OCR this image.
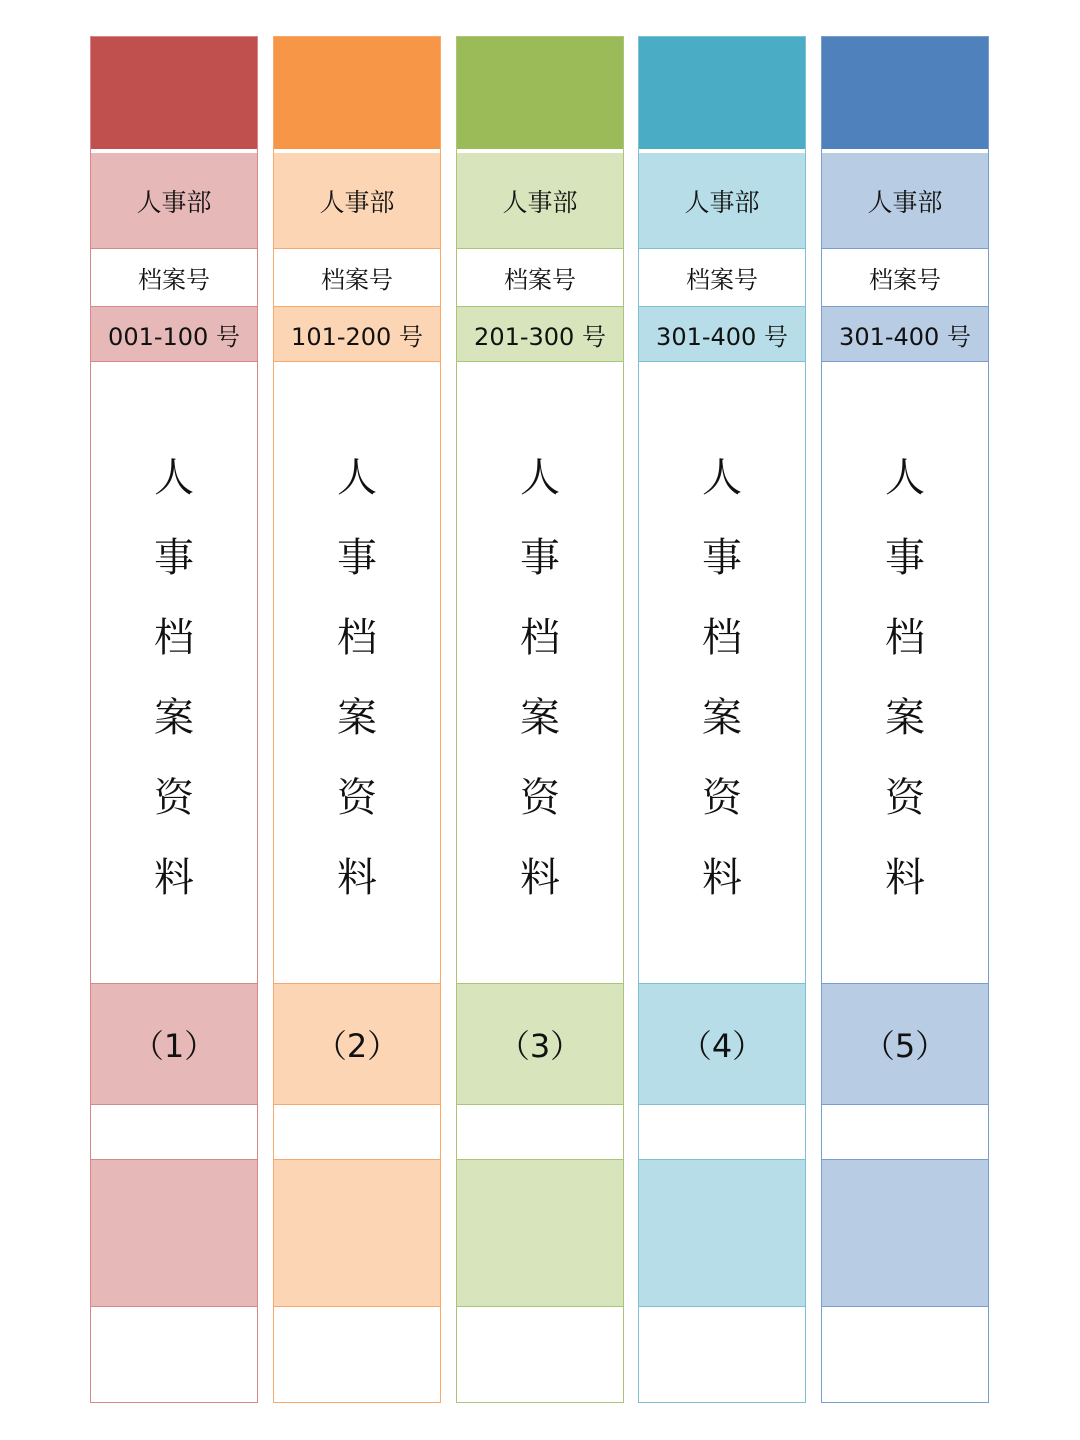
人事部
档案号
001-100 号
人
事
档
案
资
料
（1）
人事部
档案号
101-200 号
人
事
档
案
资
料
（2）
人事部
档案号
201-300 号
人
事
档
案
资
料
（3）
人事部
档案号
301-400 号
人
事
档
案
资
料
（4）
人事部
档案号
301-400 号
人
事
档
案
资
料
（5）
